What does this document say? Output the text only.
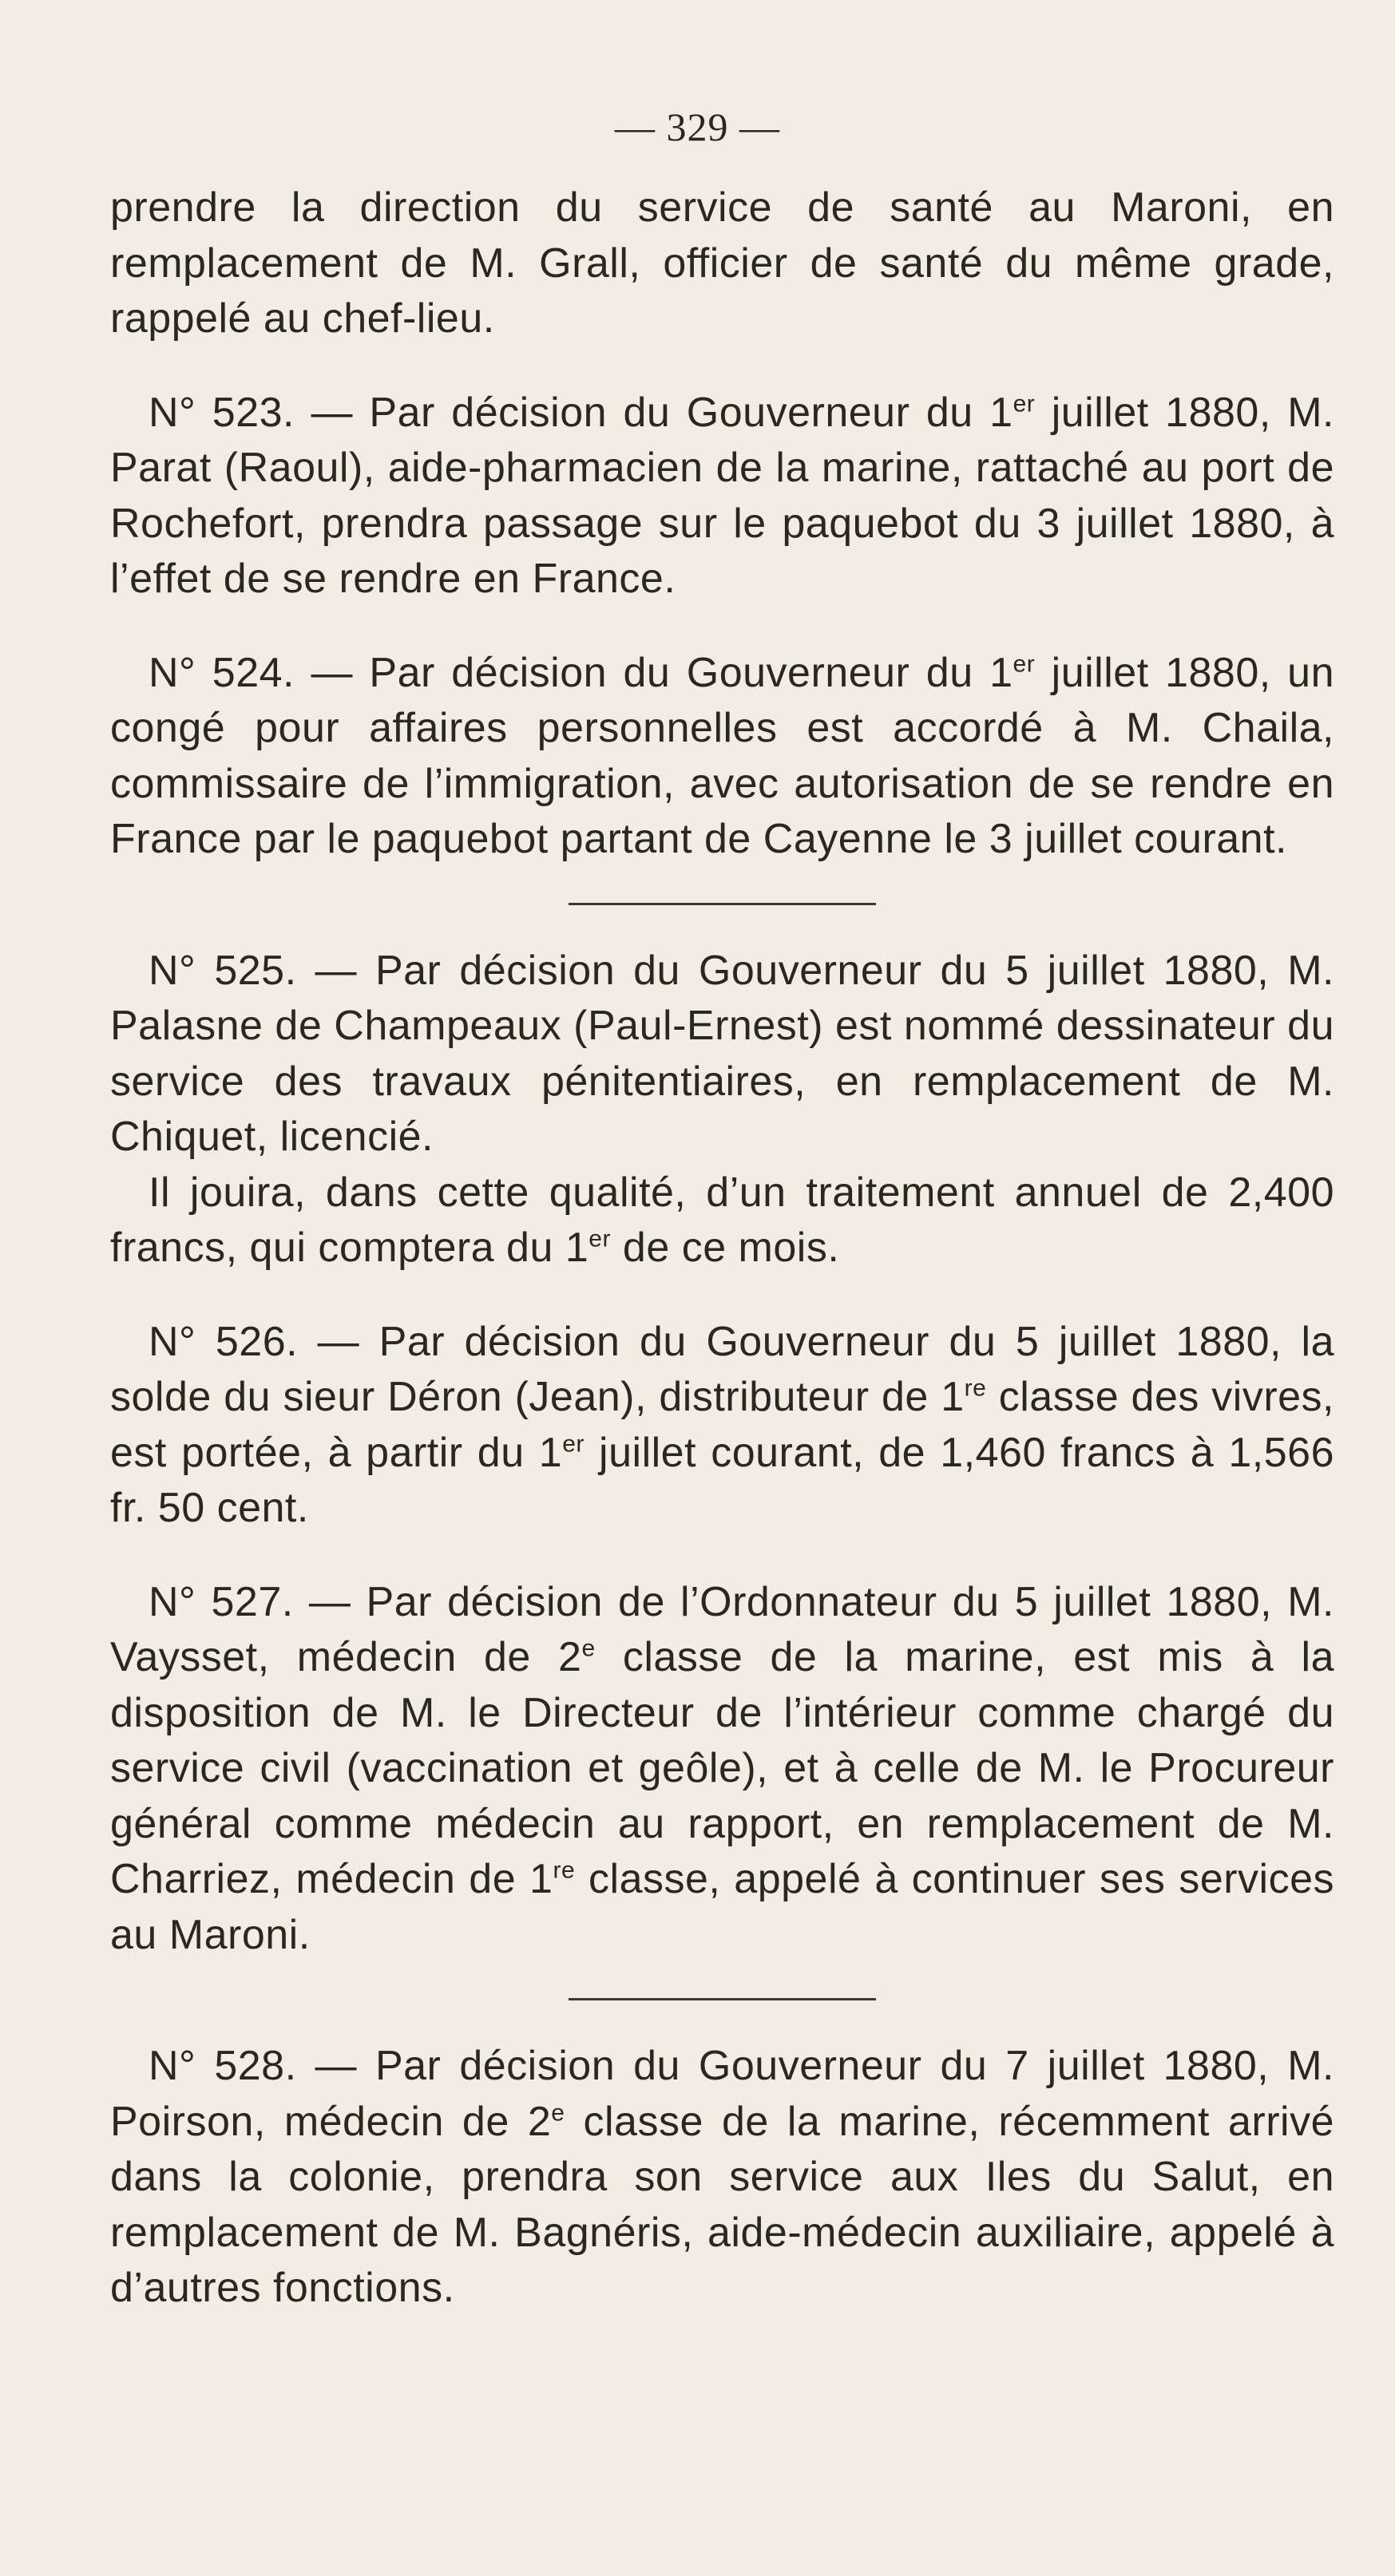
— 329 —

prendre la direction du service de santé au Maroni, en remplacement de M. Grall, officier de santé du même grade, rappelé au chef-lieu.

N° 523. — Par décision du Gouverneur du 1er juillet 1880, M. Parat (Raoul), aide-pharmacien de la marine, rattaché au port de Rochefort, prendra passage sur le paquebot du 3 juillet 1880, à l’effet de se rendre en France.

N° 524. — Par décision du Gouverneur du 1er juillet 1880, un congé pour affaires personnelles est accordé à M. Chaila, commissaire de l’immigration, avec autorisation de se rendre en France par le paquebot partant de Cayenne le 3 juillet courant.

N° 525. — Par décision du Gouverneur du 5 juillet 1880, M. Palasne de Champeaux (Paul-Ernest) est nommé dessinateur du service des travaux pénitentiaires, en remplacement de M. Chiquet, licencié.

Il jouira, dans cette qualité, d’un traitement annuel de 2,400 francs, qui comptera du 1er de ce mois.

N° 526. — Par décision du Gouverneur du 5 juillet 1880, la solde du sieur Déron (Jean), distributeur de 1re classe des vivres, est portée, à partir du 1er juillet courant, de 1,460 francs à 1,566 fr. 50 cent.

N° 527. — Par décision de l’Ordonnateur du 5 juillet 1880, M. Vaysset, médecin de 2e classe de la marine, est mis à la disposition de M. le Directeur de l’intérieur comme chargé du service civil (vaccination et geôle), et à celle de M. le Procureur général comme médecin au rapport, en remplacement de M. Charriez, médecin de 1re classe, appelé à continuer ses services au Maroni.

N° 528. — Par décision du Gouverneur du 7 juillet 1880, M. Poirson, médecin de 2e classe de la marine, récemment arrivé dans la colonie, prendra son service aux Iles du Salut, en remplacement de M. Bagnéris, aide-médecin auxiliaire, appelé à d’autres fonctions.
